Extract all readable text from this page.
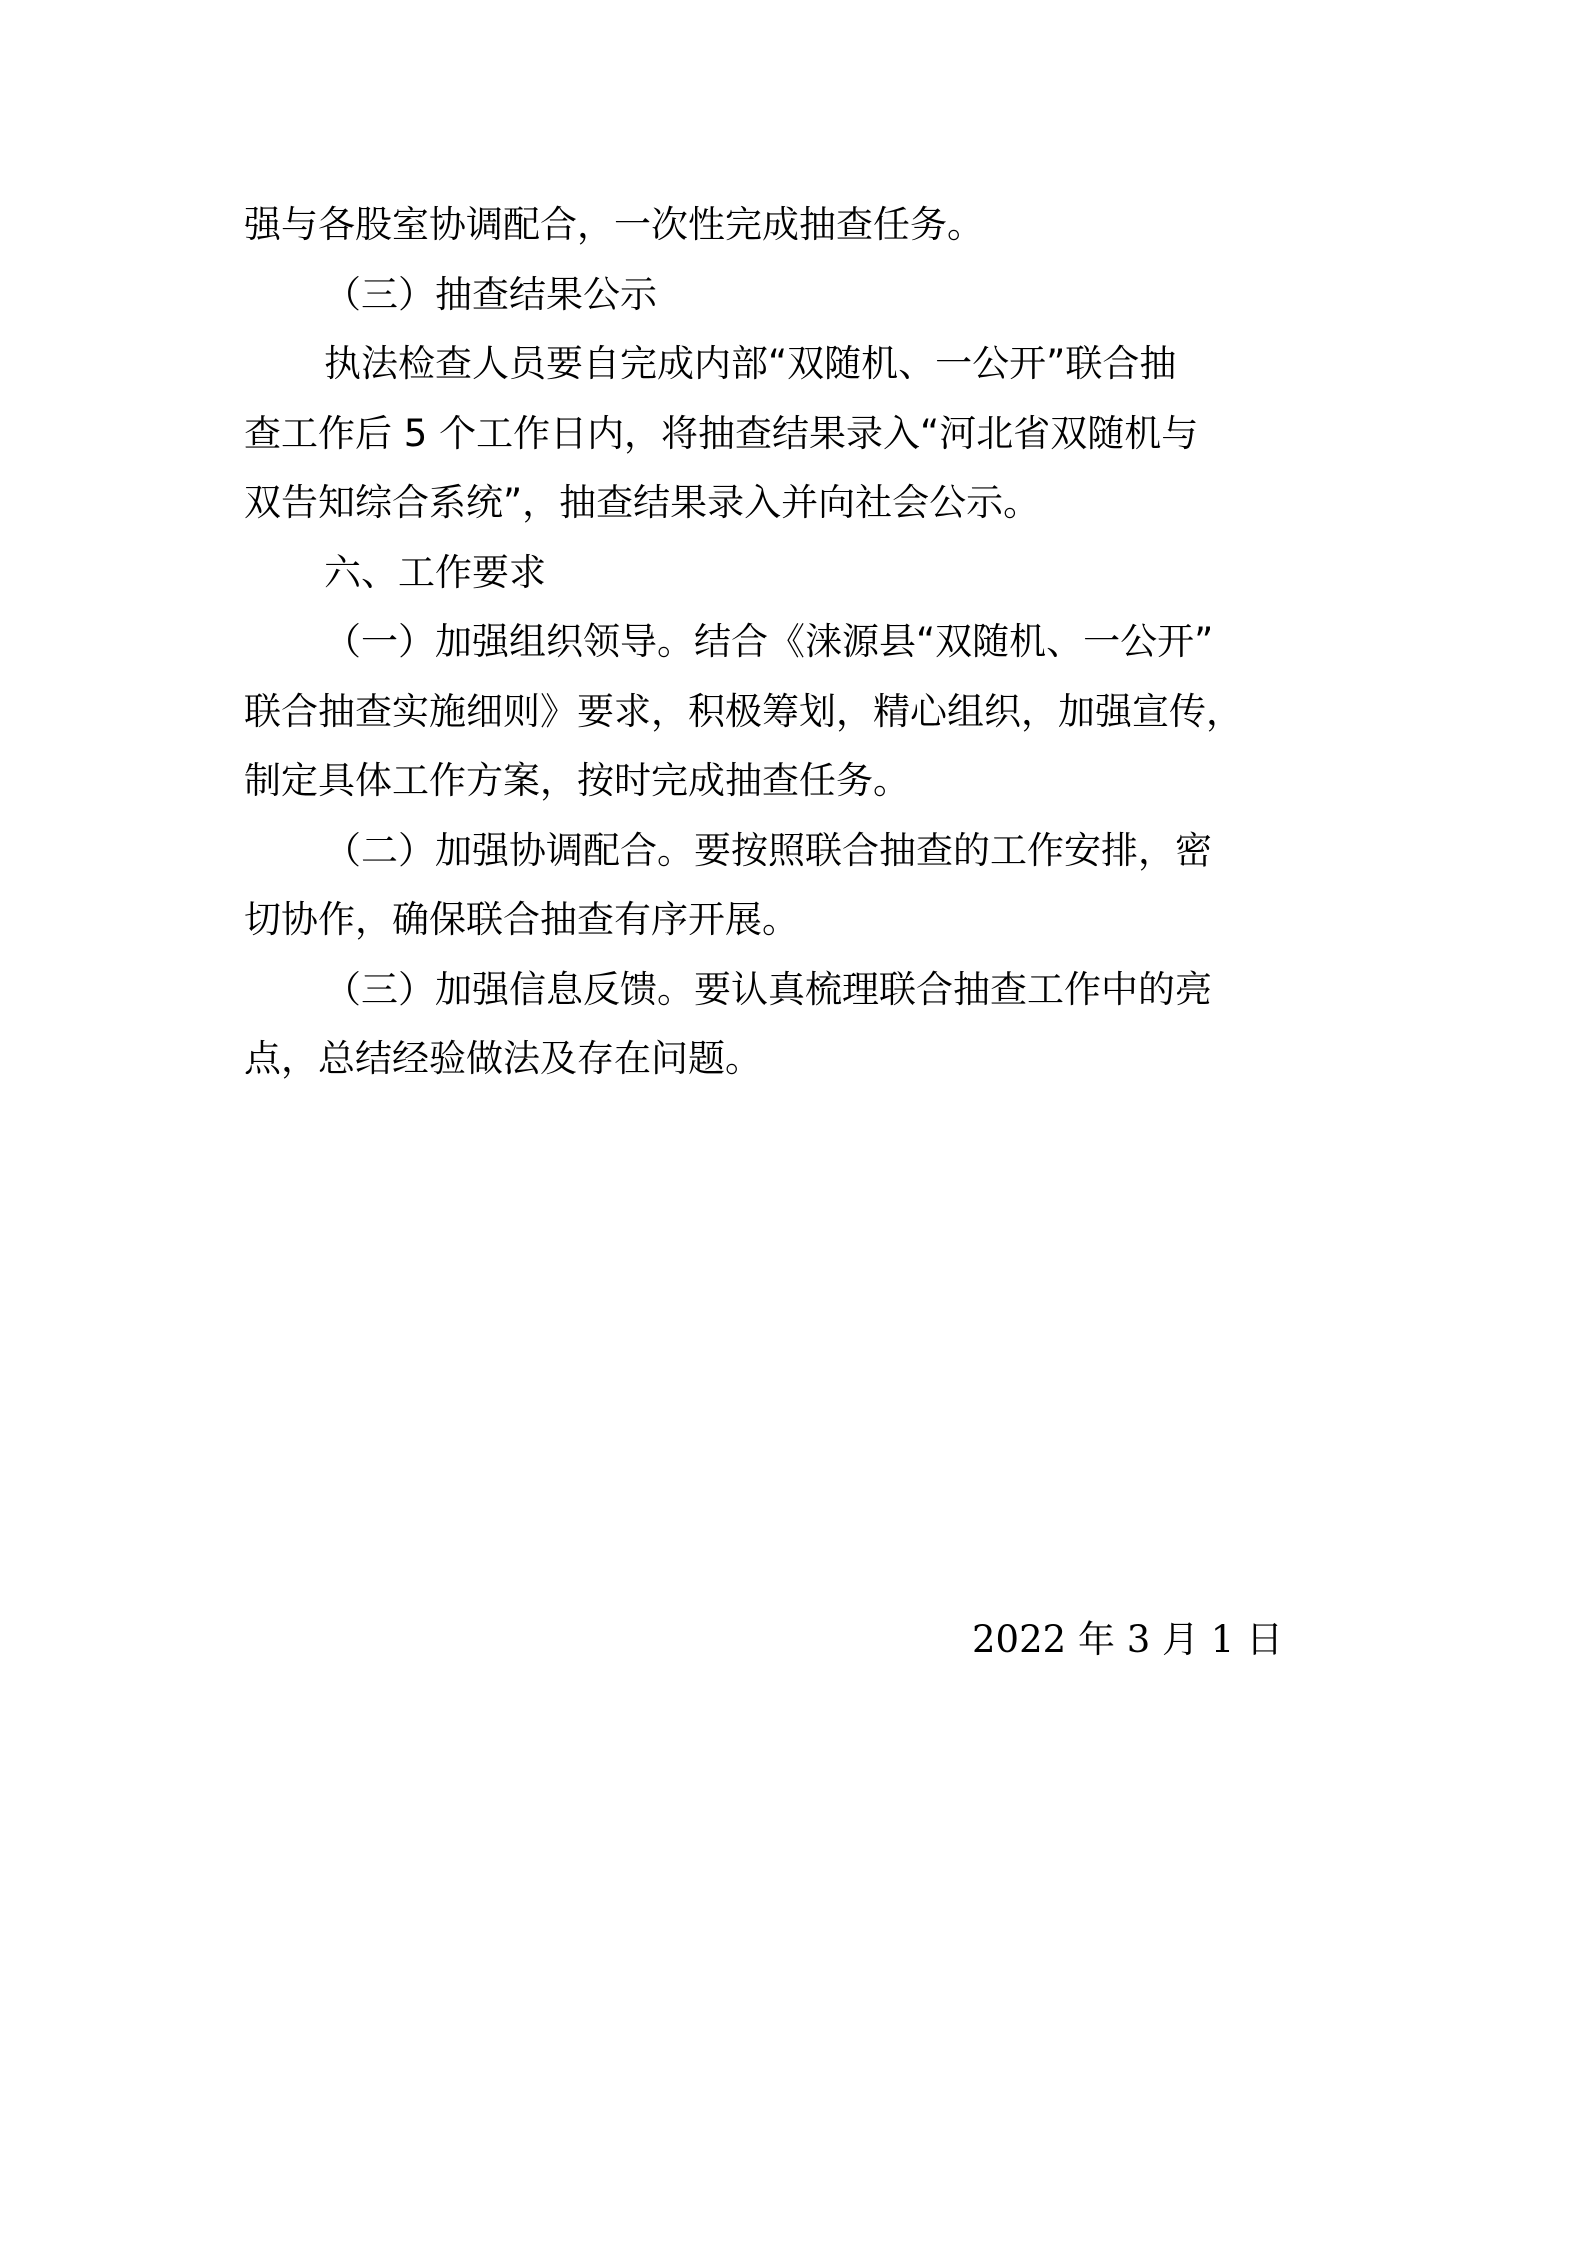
强与各股室协调配合，一次性完成抽查任务。
（三）抽查结果公示
执法检查人员要自完成内部“双随机、一公开”联合抽
查工作后 5 个工作日内，将抽查结果录入“河北省双随机与
双告知综合系统”，抽查结果录入并向社会公示。
六、工作要求
（一）加强组织领导。结合《涞源县“双随机、一公开”
联合抽查实施细则》要求，积极筹划，精心组织，加强宣传，
制定具体工作方案，按时完成抽查任务。
（二）加强协调配合。要按照联合抽查的工作安排，密
切协作，确保联合抽查有序开展。
（三）加强信息反馈。要认真梳理联合抽查工作中的亮
点，总结经验做法及存在问题。
2022 年 3 月 1 日
